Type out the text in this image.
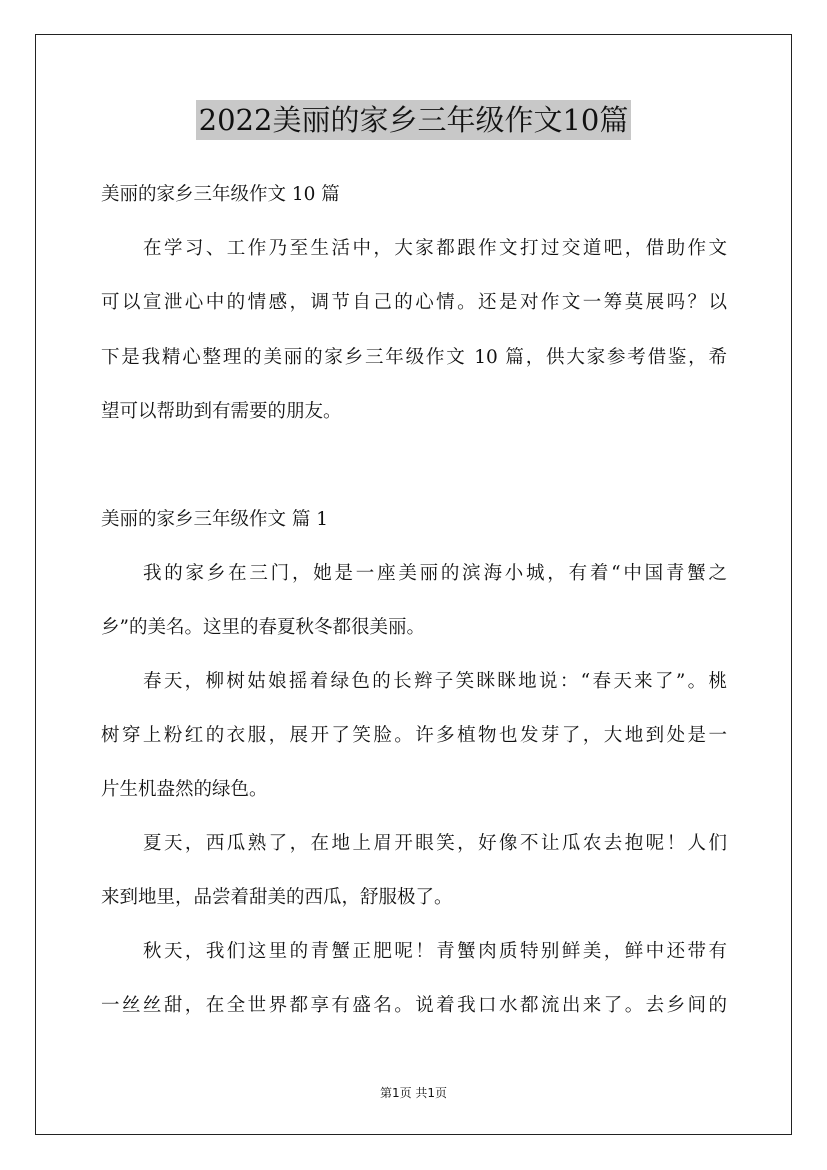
2022美丽的家乡三年级作文10篇
美丽的家乡三年级作文 10 篇
在学习、工作乃至生活中，大家都跟作文打过交道吧，借助作文
可以宣泄心中的情感，调节自己的心情。还是对作文一筹莫展吗？以
下是我精心整理的美丽的家乡三年级作文 10 篇，供大家参考借鉴，希
望可以帮助到有需要的朋友。
美丽的家乡三年级作文 篇 1
我的家乡在三门，她是一座美丽的滨海小城，有着“中国青蟹之
乡”的美名。这里的春夏秋冬都很美丽。
春天，柳树姑娘摇着绿色的长辫子笑眯眯地说：“春天来了”。桃
树穿上粉红的衣服，展开了笑脸。许多植物也发芽了，大地到处是一
片生机盎然的绿色。
夏天，西瓜熟了，在地上眉开眼笑，好像不让瓜农去抱呢！人们
来到地里，品尝着甜美的西瓜，舒服极了。
秋天，我们这里的青蟹正肥呢！青蟹肉质特别鲜美，鲜中还带有
一丝丝甜，在全世界都享有盛名。说着我口水都流出来了。去乡间的
第1页 共1页
